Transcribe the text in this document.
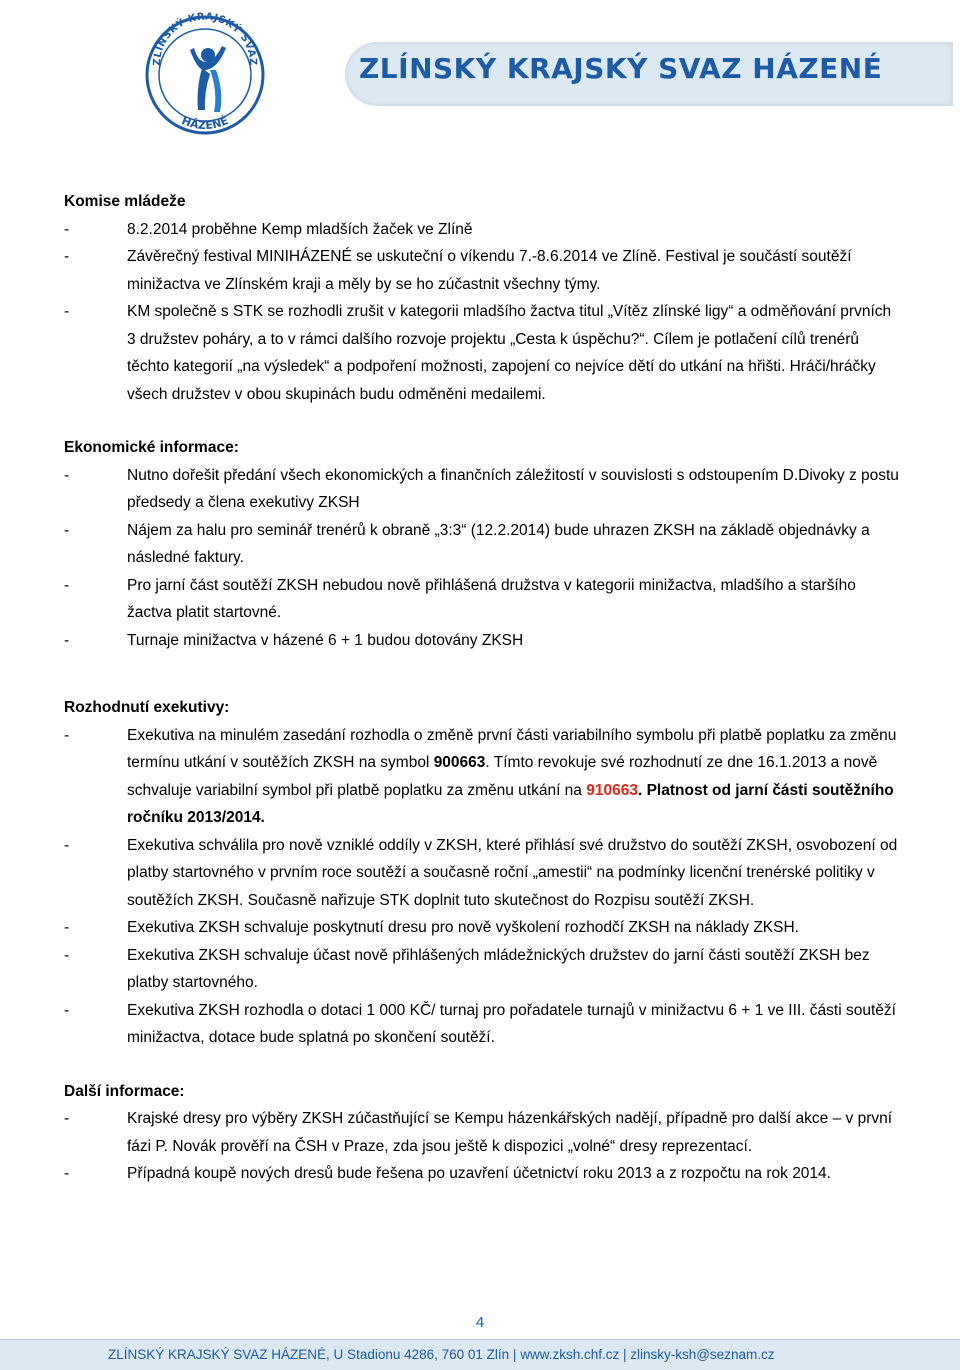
ZLÍNSKÝ KRAJSKÝ SVAZ
HÁZENÉ
ZLÍNSKÝ KRAJSKÝ SVAZ HÁZENÉ
Komise mládeže
-	8.2.2014 proběhne Kemp mladších žaček ve Zlíně
-	Závěrečný festival MINIHÁZENÉ se uskuteční o víkendu 7.-8.6.2014 ve Zlíně. Festival je součástí soutěží minižactva ve Zlínském kraji a měly by se ho zúčastnit všechny týmy.
-	KM společně s STK se rozhodli zrušit v kategorii mladšího žactva titul „Vítěz zlínské ligy“ a odměňování prvních 3 družstev poháry, a to v rámci dalšího rozvoje projektu „Cesta k úspěchu?“. Cílem je potlačení cílů trenérů těchto kategorií „na výsledek“ a podpoření možnosti, zapojení co nejvíce dětí do utkání na hřišti. Hráči/hráčky všech družstev v obou skupinách budu odměněni medailemi.
Ekonomické informace:
-	Nutno dořešit předání všech ekonomických a finančních záležitostí v souvislosti s odstoupením D.Divoky z postu předsedy a člena exekutivy ZKSH
-	Nájem za halu pro seminář trenérů k obraně „3:3“ (12.2.2014) bude uhrazen ZKSH na základě objednávky a následné faktury.
-	Pro jarní část soutěží ZKSH nebudou nově přihlášená družstva v kategorii minižactva, mladšího a staršího žactva platit startovné.
-	Turnaje minižactva v házené 6 + 1 budou dotovány ZKSH
Rozhodnutí exekutivy:
-	Exekutiva na minulém zasedání rozhodla o změně první části variabilního symbolu při platbě poplatku za změnu termínu utkání v soutěžích ZKSH na symbol 900663. Tímto revokuje své rozhodnutí ze dne 16.1.2013 a nově schvaluje variabilní symbol při platbě poplatku za změnu utkání na 910663. Platnost od jarní části soutěžního ročníku 2013/2014.
-	Exekutiva schválila pro nově vzniklé oddíly v ZKSH, které přihlásí své družstvo do soutěží ZKSH, osvobození od platby startovného v prvním roce soutěží a současně roční „amestii“ na podmínky licenční trenérské politiky v soutěžích ZKSH. Současně nařizuje STK doplnit tuto skutečnost do Rozpisu soutěží ZKSH.
-	Exekutiva ZKSH schvaluje poskytnutí dresu pro nově vyškolení rozhodčí ZKSH na náklady ZKSH.
-	Exekutiva ZKSH schvaluje účast nově přihlášených mládežnických družstev do jarní části soutěží ZKSH bez platby startovného.
-	Exekutiva ZKSH rozhodla o dotaci 1 000 KČ/ turnaj pro pořadatele turnajů v minižactvu 6 + 1 ve III. části soutěží minižactva, dotace bude splatná po skončení soutěží.
Další informace:
-	Krajské dresy pro výběry ZKSH zúčastňující se Kempu házenkářských nadějí, případně pro další akce – v první fázi P. Novák prověří na ČSH v Praze, zda jsou ještě k dispozici „volné“ dresy reprezentací.
-	Případná koupě nových dresů bude řešena po uzavření účetnictví roku 2013 a z rozpočtu na rok 2014.
4
ZLÍNSKÝ KRAJSKÝ SVAZ HÁZENÉ, U Stadionu 4286, 760 01 Zlín | www.zksh.chf.cz | zlinsky-ksh@seznam.cz
